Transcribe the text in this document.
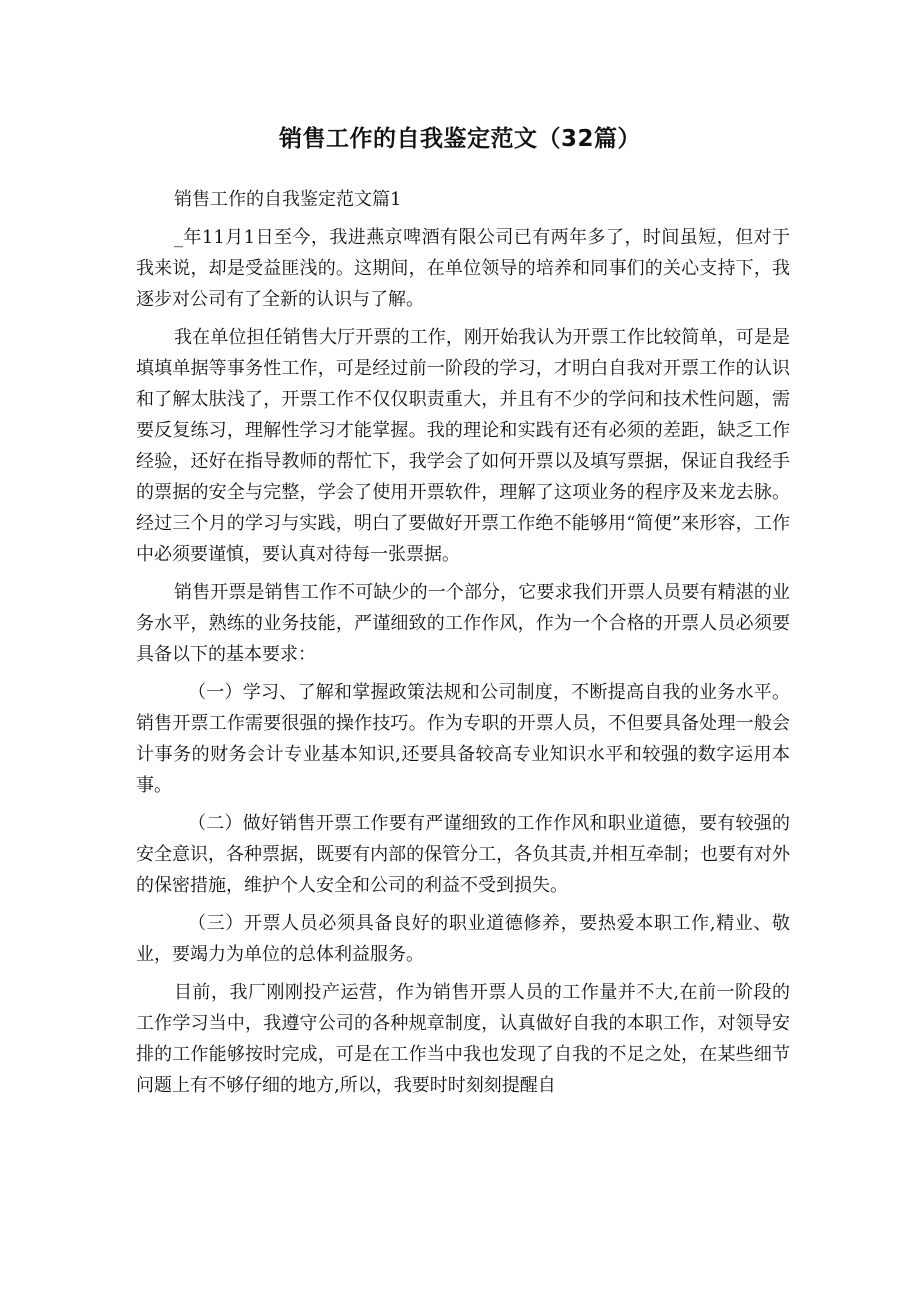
销售工作的自我鉴定范文（32篇）

销售工作的自我鉴定范文篇1

_年11月1日至今，我进燕京啤酒有限公司已有两年多了，时间虽短，但对于我来说，却是受益匪浅的。这期间，在单位领导的培养和同事们的关心支持下，我逐步对公司有了全新的认识与了解。

我在单位担任销售大厅开票的工作，刚开始我认为开票工作比较简单，可是是填填单据等事务性工作，可是经过前一阶段的学习，才明白自我对开票工作的认识和了解太肤浅了，开票工作不仅仅职责重大，并且有不少的学问和技术性问题，需要反复练习，理解性学习才能掌握。我的理论和实践有还有必须的差距，缺乏工作经验，还好在指导教师的帮忙下，我学会了如何开票以及填写票据，保证自我经手的票据的安全与完整，学会了使用开票软件，理解了这项业务的程序及来龙去脉。经过三个月的学习与实践，明白了要做好开票工作绝不能够用“简便”来形容，工作中必须要谨慎，要认真对待每一张票据。

销售开票是销售工作不可缺少的一个部分，它要求我们开票人员要有精湛的业务水平，熟练的业务技能，严谨细致的工作作风，作为一个合格的开票人员必须要具备以下的基本要求：

（一）学习、了解和掌握政策法规和公司制度，不断提高自我的业务水平。销售开票工作需要很强的操作技巧。作为专职的开票人员，不但要具备处理一般会计事务的财务会计专业基本知识,还要具备较高专业知识水平和较强的数字运用本事。

（二）做好销售开票工作要有严谨细致的工作作风和职业道德，要有较强的安全意识，各种票据，既要有内部的保管分工，各负其责,并相互牵制；也要有对外的保密措施，维护个人安全和公司的利益不受到损失。

（三）开票人员必须具备良好的职业道德修养，要热爱本职工作,精业、敬业，要竭力为单位的总体利益服务。

目前，我厂刚刚投产运营，作为销售开票人员的工作量并不大,在前一阶段的工作学习当中，我遵守公司的各种规章制度，认真做好自我的本职工作，对领导安排的工作能够按时完成，可是在工作当中我也发现了自我的不足之处，在某些细节问题上有不够仔细的地方,所以，我要时时刻刻提醒自
